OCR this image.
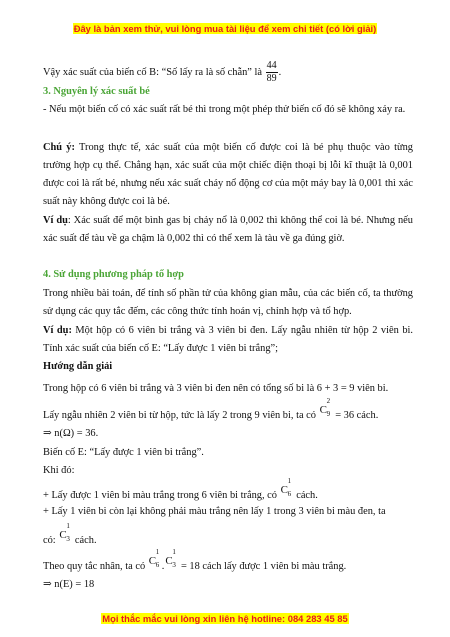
Đây là bản xem thử, vui lòng mua tài liệu để xem chi tiết (có lời giải)

Vậy xác suất của biến cố B: “Số lấy ra là số chẵn” là $\frac{44}{89}$ .

3. Nguyên lý xác suất bé

- Nếu một biến cố có xác suất rất bé thì trong một phép thử biến cố đó sẽ không xảy ra.

Chú ý: Trong thực tế, xác suất của một biến cố được coi là bé phụ thuộc vào từng trường hợp cụ thể. Chẳng hạn, xác suất của một chiếc điện thoại bị lỗi kĩ thuật là 0,001 được coi là rất bé, nhưng nếu xác suất cháy nổ động cơ của một máy bay là 0,001 thì xác suất này không được coi là bé.

Ví dụ: Xác suất để một bình gas bị chảy nổ là 0,002 thì không thể coi là bé. Nhưng nếu xác suất để tàu về ga chậm là 0,002 thì có thể xem là tàu về ga đúng giờ.

4. Sử dụng phương pháp tổ hợp

Trong nhiều bài toán, để tính số phần tử của không gian mẫu, của các biến cố, ta thường sử dụng các quy tắc đếm, các công thức tính hoán vị, chỉnh hợp và tổ hợp.

Ví dụ: Một hộp có 6 viên bi trắng và 3 viên bi đen. Lấy ngẫu nhiên từ hộp 2 viên bi. Tính xác suất của biến cố E: “Lấy được 1 viên bi trắng”;

Hướng dẫn giải

Trong hộp có 6 viên bi trắng và 3 viên bi đen nên có tổng số bi là 6 + 3 = 9 viên bi.

Lấy ngẫu nhiên 2 viên bi từ hộp, tức là lấy 2 trong 9 viên bi, ta có C
2
9 = 36 cách.

⇒ n(Ω) = 36.

Biến cố E: “Lấy được 1 viên bi trắng”.

Khi đó:

+ Lấy được 1 viên bi màu trắng trong 6 viên bi trắng, có C
1
6 cách.

+ Lấy 1 viên bi còn lại không phải màu trắng nên lấy 1 trong 3 viên bi màu đen, ta

có: C
1
3 cách.

Theo quy tắc nhân, ta có C
1
6 . C
1
3 = 18 cách lấy được 1 viên bi màu trắng.

⇒ n(E) = 18

Mọi thắc mắc vui lòng xin liên hệ hotline: 084 283 45 85
